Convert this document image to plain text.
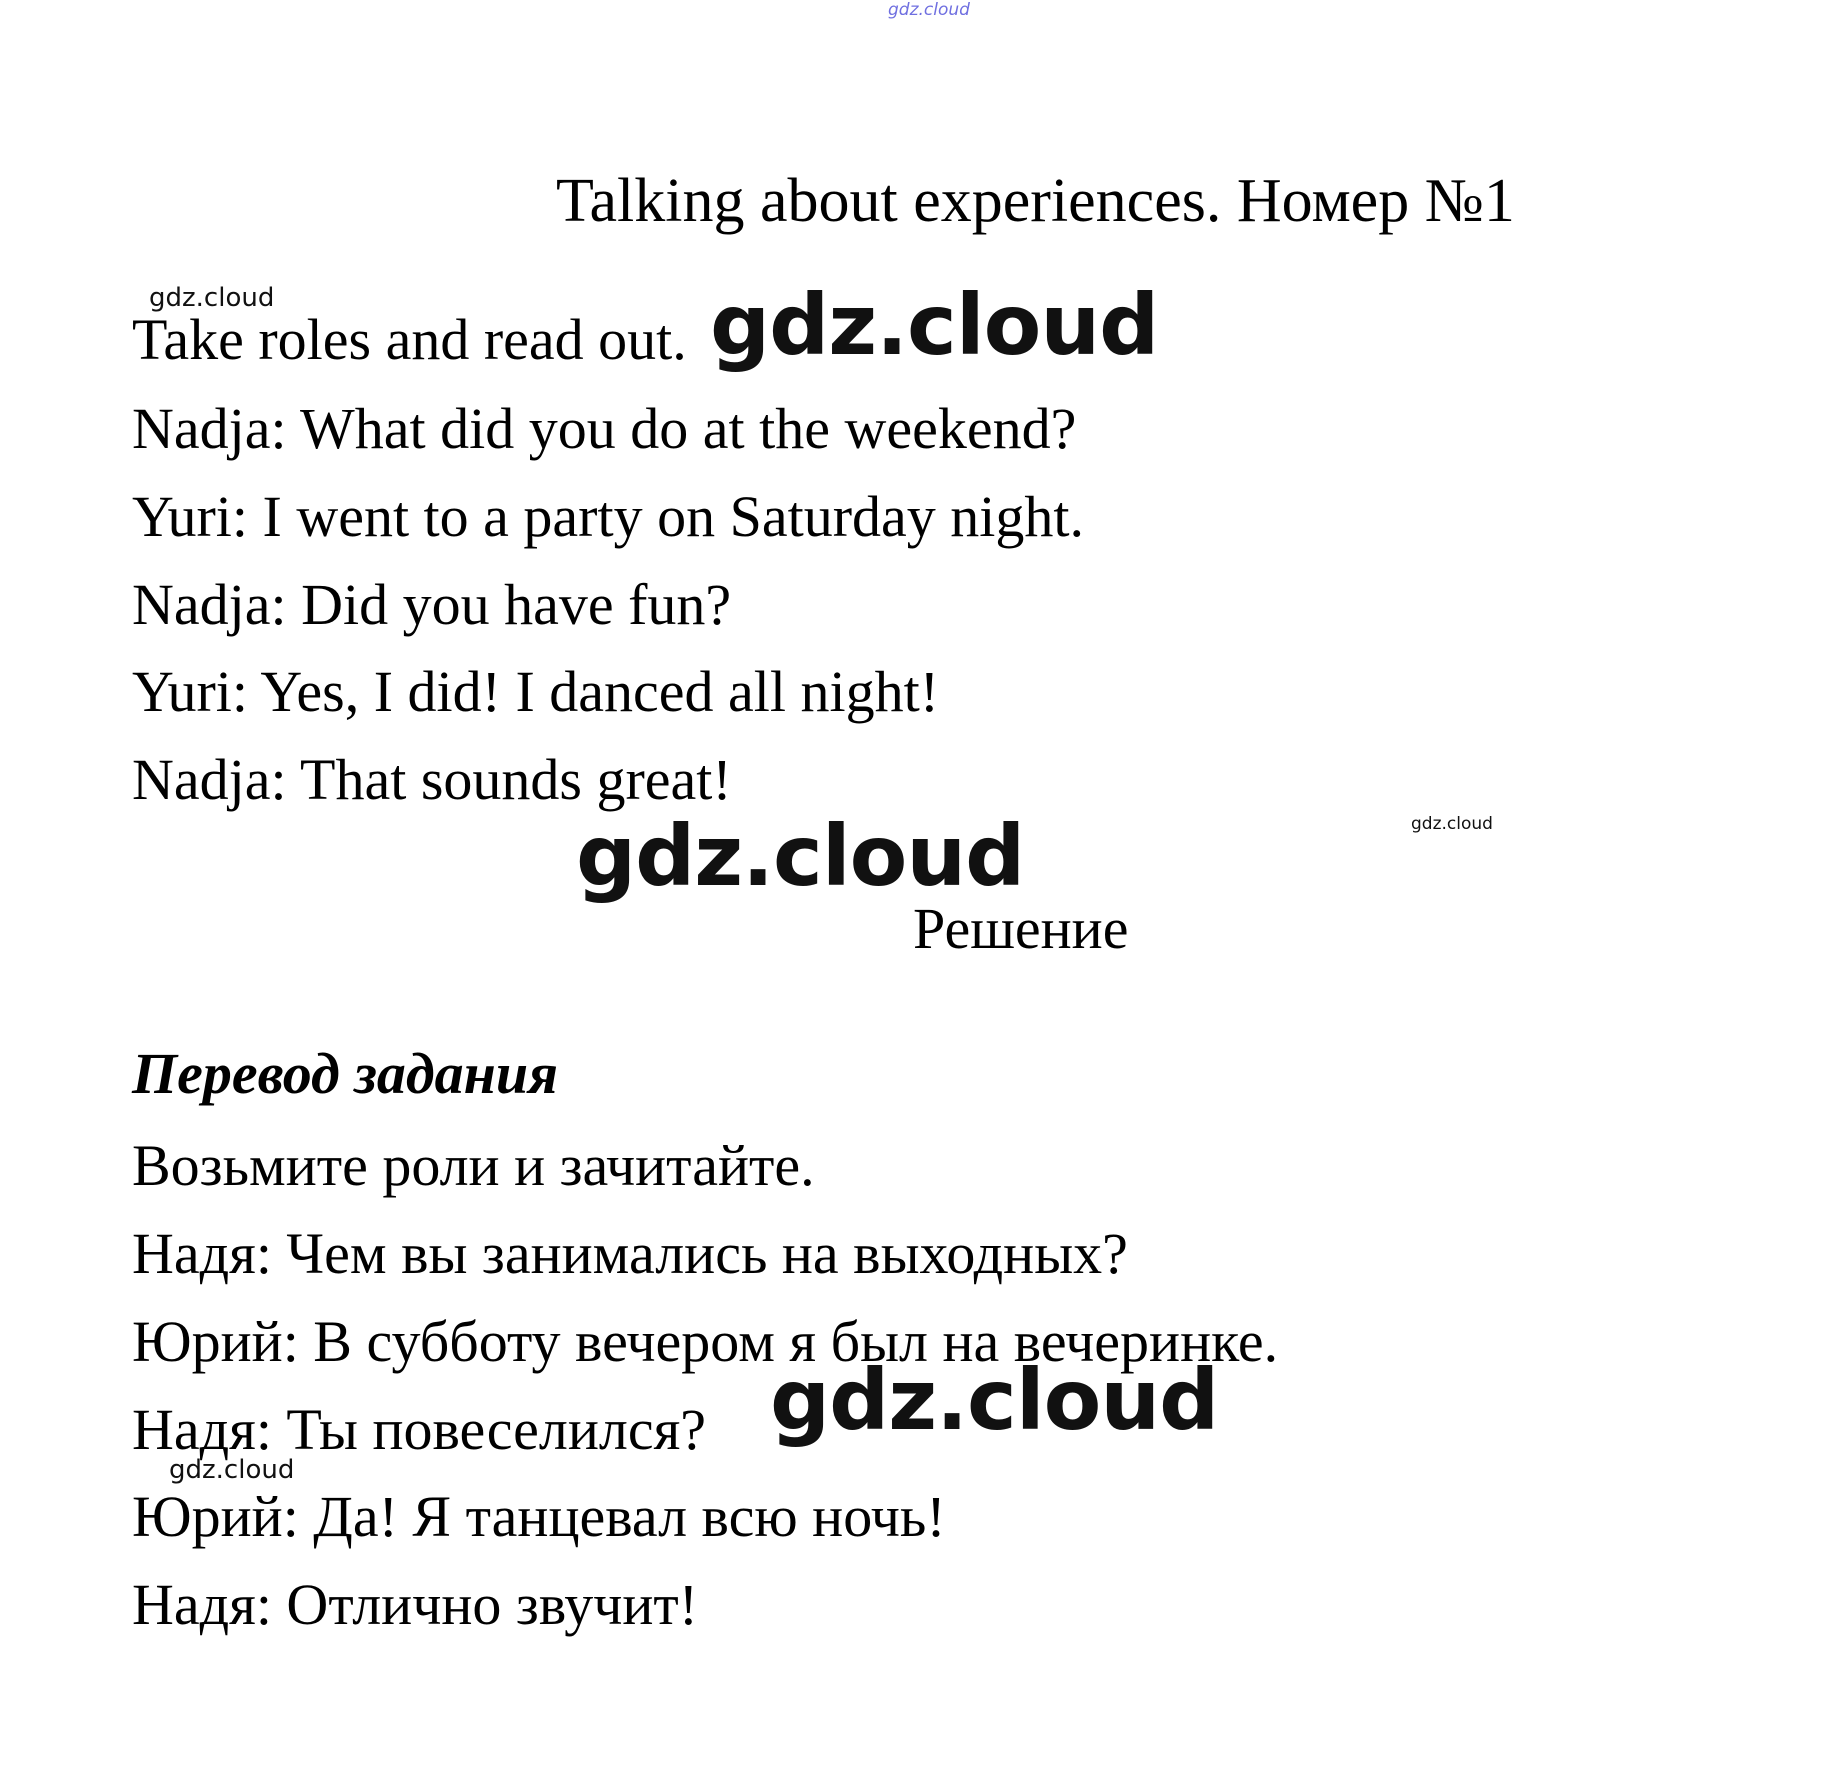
gdz.cloud
Talking about experiences. Номер №1
gdz.cloud
Take roles and read out. gdz.cloud
Nadja: What did you do at the weekend?
Yuri: I went to a party on Saturday night.
Nadja: Did you have fun?
Yuri: Yes, I did! I danced all night!
Nadja: That sounds great!
gdz.cloud
gdz.cloud
Решение
Перевод задания
Возьмите роли и зачитайте.
Надя: Чем вы занимались на выходных?
Юрий: В субботу вечером я был на вечеринке.
Надя: Ты повеселился? gdz.cloud
gdz.cloud
Юрий: Да! Я танцевал всю ночь!
Надя: Отлично звучит!
